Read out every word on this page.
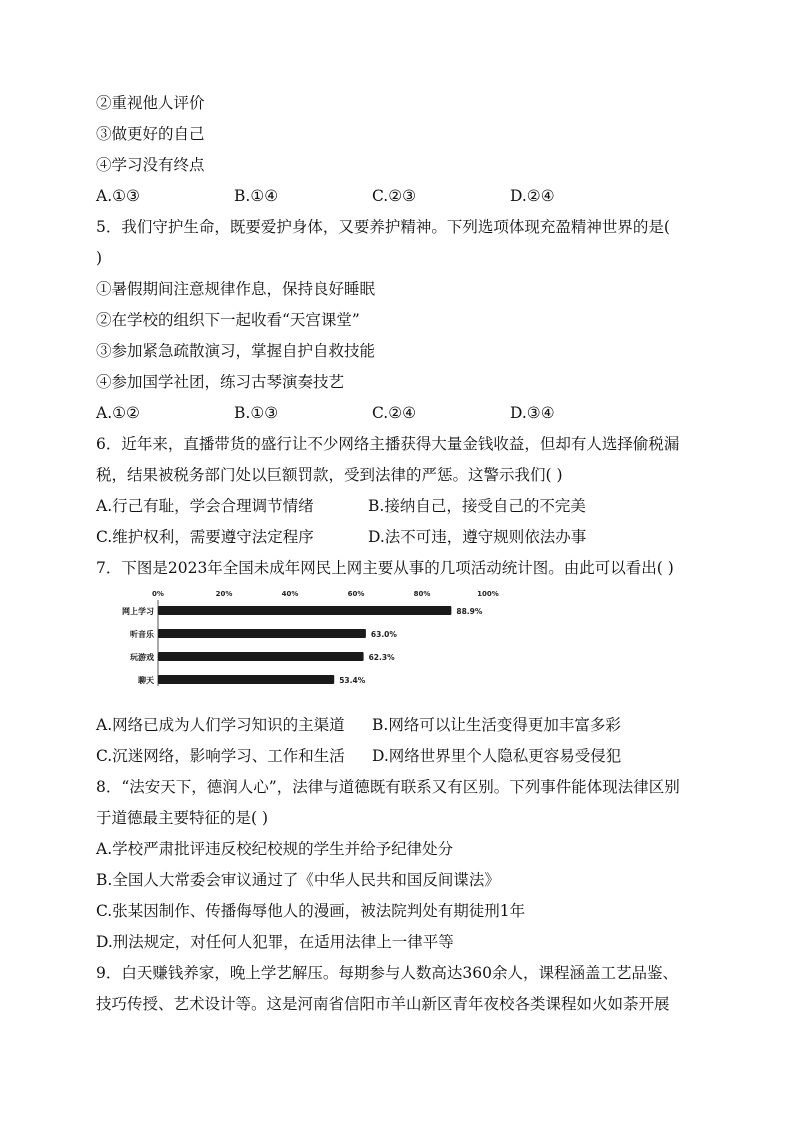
②重视他人评价
③做更好的自己
④学习没有终点
A.①③	B.①④	C.②③	D.②④
5．我们守护生命，既要爱护身体，又要养护精神。下列选项体现充盈精神世界的是(
)
①暑假期间注意规律作息，保持良好睡眠
②在学校的组织下一起收看“天宫课堂”
③参加紧急疏散演习，掌握自护自救技能
④参加国学社团，练习古琴演奏技艺
A.①②	B.①③	C.②④	D.③④
6．近年来，直播带货的盛行让不少网络主播获得大量金钱收益，但却有人选择偷税漏
税，结果被税务部门处以巨额罚款，受到法律的严惩。这警示我们( )
A.行己有耻，学会合理调节情绪	B.接纳自己，接受自己的不完美
C.维护权利，需要遵守法定程序	D.法不可违，遵守规则依法办事
7．下图是2023年全国未成年网民上网主要从事的几项活动统计图。由此可以看出( )
0%	20%	40%	60%	80%	100%
网上学习	88.9%
听音乐	63.0%
玩游戏	62.3%
聊天	53.4%
A.网络已成为人们学习知识的主渠道	B.网络可以让生活变得更加丰富多彩
C.沉迷网络，影响学习、工作和生活	D.网络世界里个人隐私更容易受侵犯
8．“法安天下，德润人心”，法律与道德既有联系又有区别。下列事件能体现法律区别
于道德最主要特征的是( )
A.学校严肃批评违反校纪校规的学生并给予纪律处分
B.全国人大常委会审议通过了《中华人民共和国反间谍法》
C.张某因制作、传播侮辱他人的漫画，被法院判处有期徒刑1年
D.刑法规定，对任何人犯罪，在适用法律上一律平等
9．白天赚钱养家，晚上学艺解压。每期参与人数高达360余人，课程涵盖工艺品鉴、
技巧传授、艺术设计等。这是河南省信阳市羊山新区青年夜校各类课程如火如荼开展
